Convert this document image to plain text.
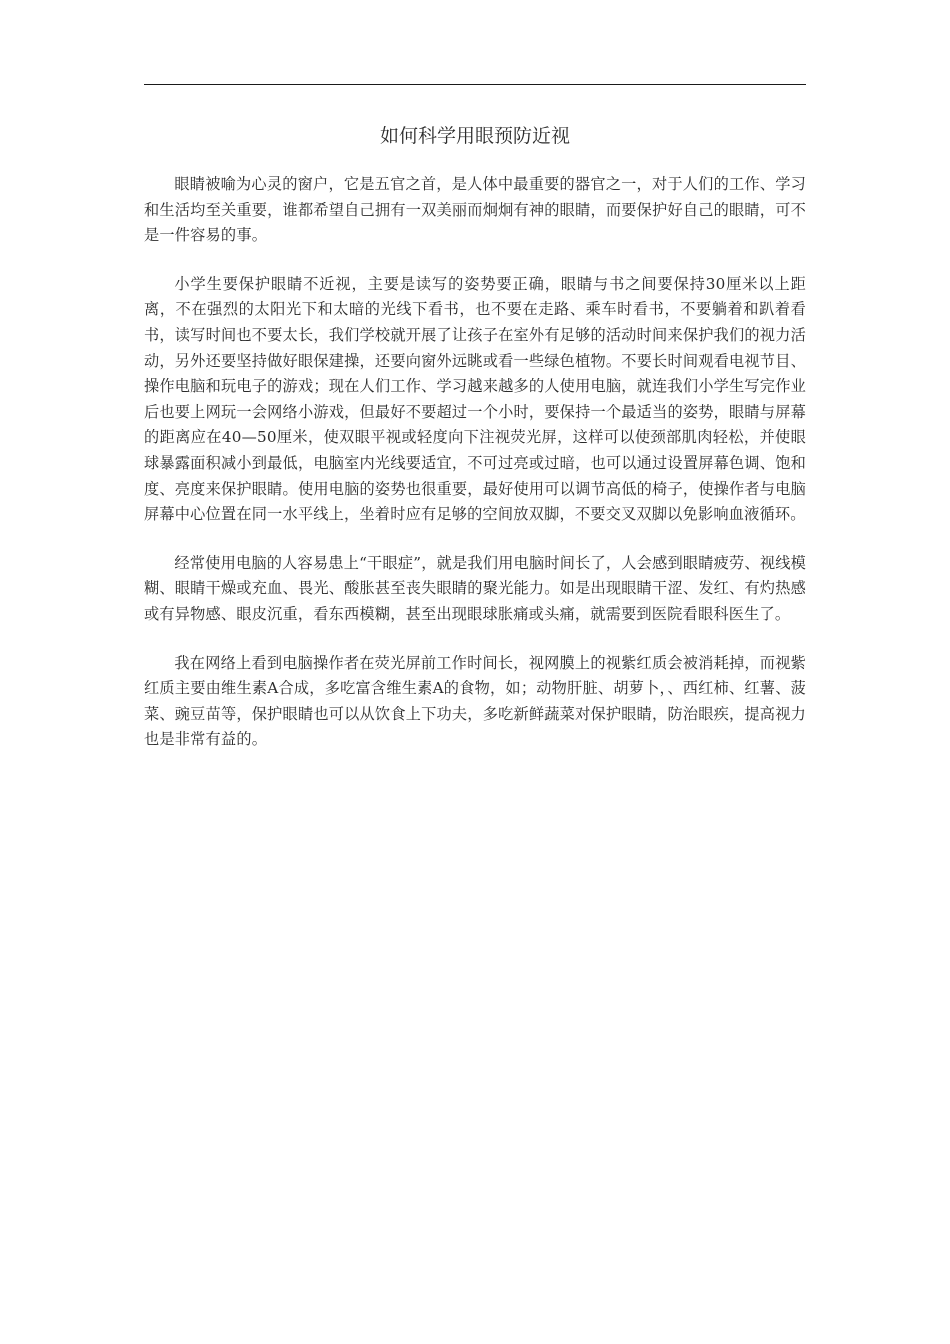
如何科学用眼预防近视

眼睛被喻为心灵的窗户，它是五官之首，是人体中最重要的器官之一，对于人们的工作、学习和生活均至关重要，谁都希望自己拥有一双美丽而炯炯有神的眼睛，而要保护好自己的眼睛，可不是一件容易的事。

小学生要保护眼睛不近视，主要是读写的姿势要正确，眼睛与书之间要保持30厘米以上距离，不在强烈的太阳光下和太暗的光线下看书，也不要在走路、乘车时看书，不要躺着和趴着看书，读写时间也不要太长，我们学校就开展了让孩子在室外有足够的活动时间来保护我们的视力活动，另外还要坚持做好眼保建操，还要向窗外远眺或看一些绿色植物。不要长时间观看电视节目、操作电脑和玩电子的游戏；现在人们工作、学习越来越多的人使用电脑，就连我们小学生写完作业后也要上网玩一会网络小游戏，但最好不要超过一个小时，要保持一个最适当的姿势，眼睛与屏幕的距离应在40—50厘米，使双眼平视或轻度向下注视荧光屏，这样可以使颈部肌肉轻松，并使眼球暴露面积减小到最低，电脑室内光线要适宜，不可过亮或过暗，也可以通过设置屏幕色调、饱和度、亮度来保护眼睛。使用电脑的姿势也很重要，最好使用可以调节高低的椅子，使操作者与电脑屏幕中心位置在同一水平线上，坐着时应有足够的空间放双脚，不要交叉双脚以免影响血液循环。

经常使用电脑的人容易患上“干眼症”，就是我们用电脑时间长了，人会感到眼睛疲劳、视线模糊、眼睛干燥或充血、畏光、酸胀甚至丧失眼睛的聚光能力。如是出现眼睛干涩、发红、有灼热感或有异物感、眼皮沉重，看东西模糊，甚至出现眼球胀痛或头痛，就需要到医院看眼科医生了。

我在网络上看到电脑操作者在荧光屏前工作时间长，视网膜上的视紫红质会被消耗掉，而视紫红质主要由维生素A合成，多吃富含维生素A的食物，如；动物肝脏、胡萝卜，、西红柿、红薯、菠菜、豌豆苗等，保护眼睛也可以从饮食上下功夫，多吃新鲜蔬菜对保护眼睛，防治眼疾，提高视力也是非常有益的。
